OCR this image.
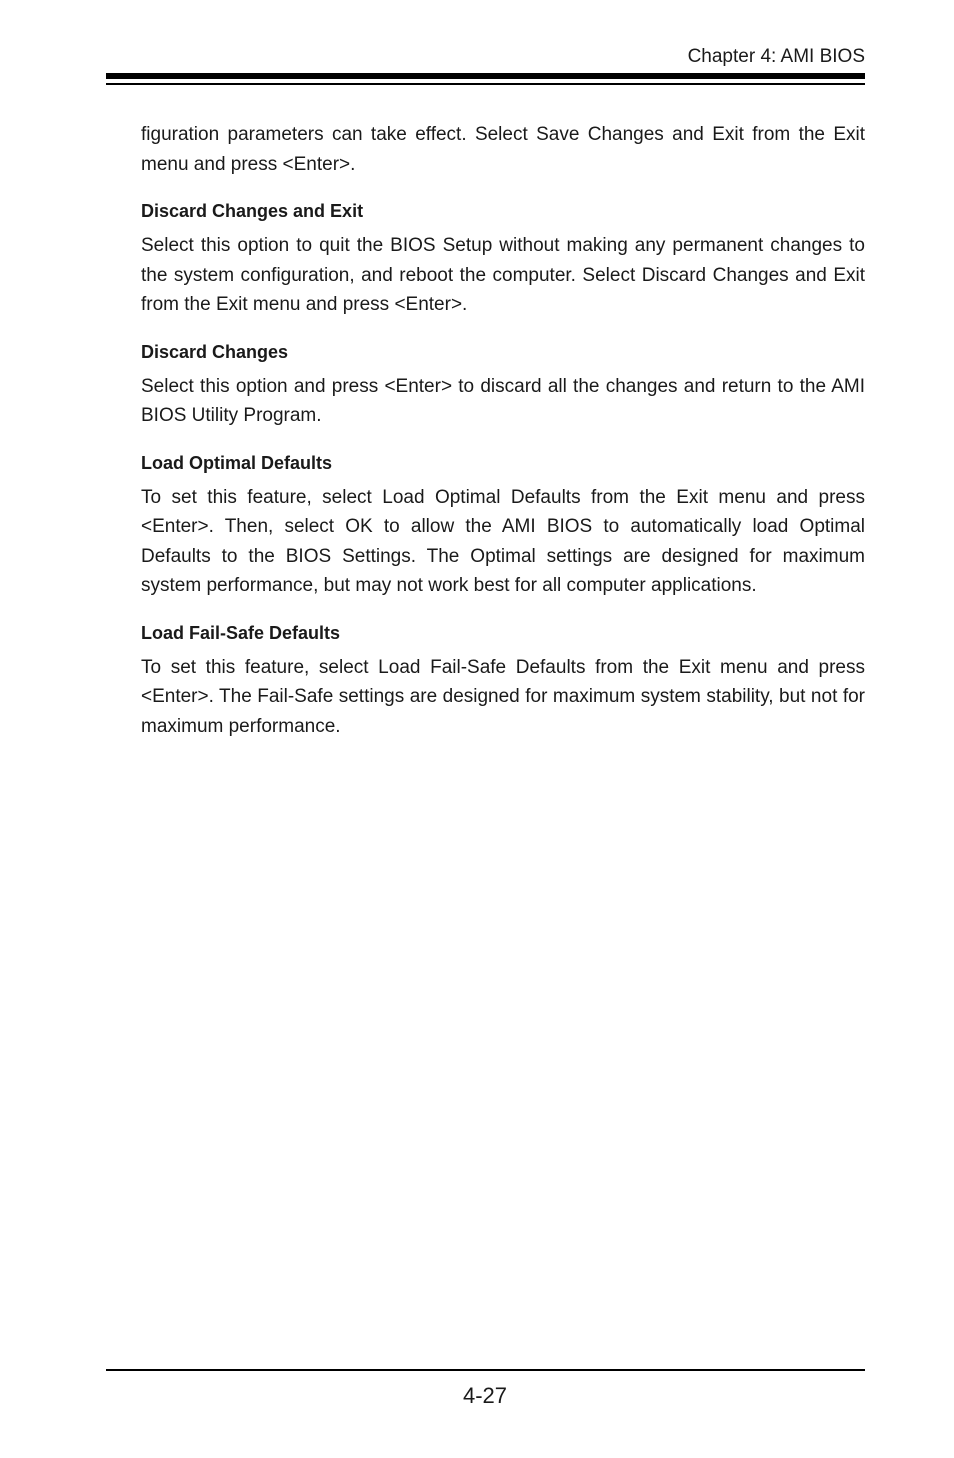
Chapter 4: AMI BIOS

figuration parameters can take effect. Select Save Changes and Exit from the Exit menu and press <Enter>.

Discard Changes and Exit

Select this option to quit the BIOS Setup without making any permanent changes to the system configuration, and reboot the computer. Select Discard Changes and Exit from the Exit menu and press <Enter>.

Discard Changes

Select this option and press <Enter> to discard all the changes and return to the AMI BIOS Utility Program.

Load Optimal Defaults

To set this feature, select Load Optimal Defaults from the Exit menu and press <Enter>. Then, select OK to allow the AMI BIOS to automatically load Optimal Defaults to the BIOS Settings. The Optimal settings are designed for maximum system performance, but may not work best for all computer applications.

Load Fail-Safe Defaults

To set this feature, select Load Fail-Safe Defaults from the Exit menu and press <Enter>. The Fail-Safe settings are designed for maximum system stability, but not for maximum performance.

4-27
